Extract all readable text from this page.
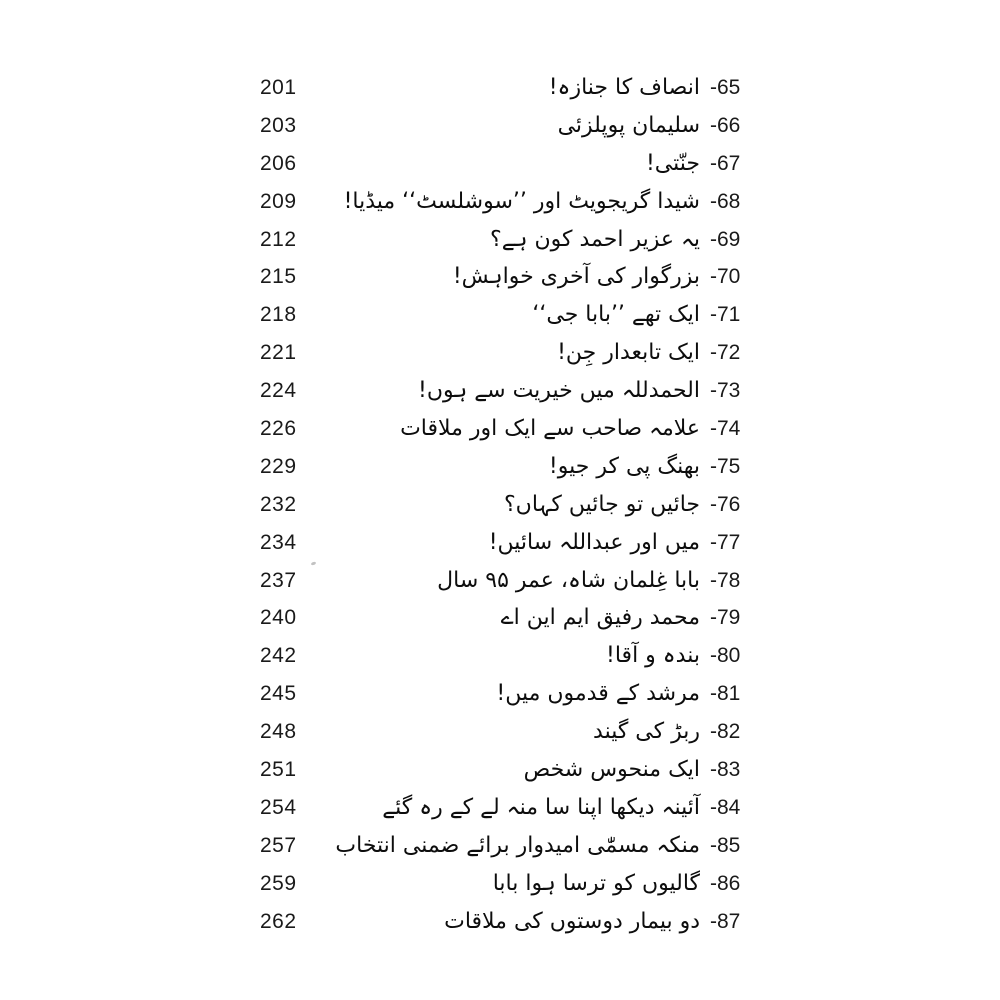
201	انصاف کا جنازہ! -65
203	سلیمان پوپلزئی -66
206	جنّتی! -67
209 شیدا گریجویٹ اور ’’سوشلسٹ‘‘ میڈیا! -68
212	یہ عزیر احمد کون ہے؟ -69
215	بزرگوار کی آخری خواہش! -70
218	ایک تھے ’’بابا جی‘‘ -71
221	ایک تابعدار جِن! -72
224	الحمدللہ میں خیریت سے ہوں! -73
226	علامہ صاحب سے ایک اور ملاقات -74
229	بھنگ پی کر جیو! -75
232	جائیں تو جائیں کہاں؟ -76
234	میں اور عبداللہ سائیں! -77
237	بابا غِلمان شاہ، عمر ۹۵ سال -78
240	محمد رفیق ایم این اے -79
242	بندہ و آقا! -80
245	مرشد کے قدموں میں! -81
248	ربڑ کی گیند -82
251	ایک منحوس شخص -83
254	آئینہ دیکھا اپنا سا منہ لے کے رہ گئے -84
257 منکہ مسمّٰی امیدوار برائے ضمنی انتخاب -85
259	گالیوں کو ترسا ہوا بابا -86
262	دو بیمار دوستوں کی ملاقات -87
